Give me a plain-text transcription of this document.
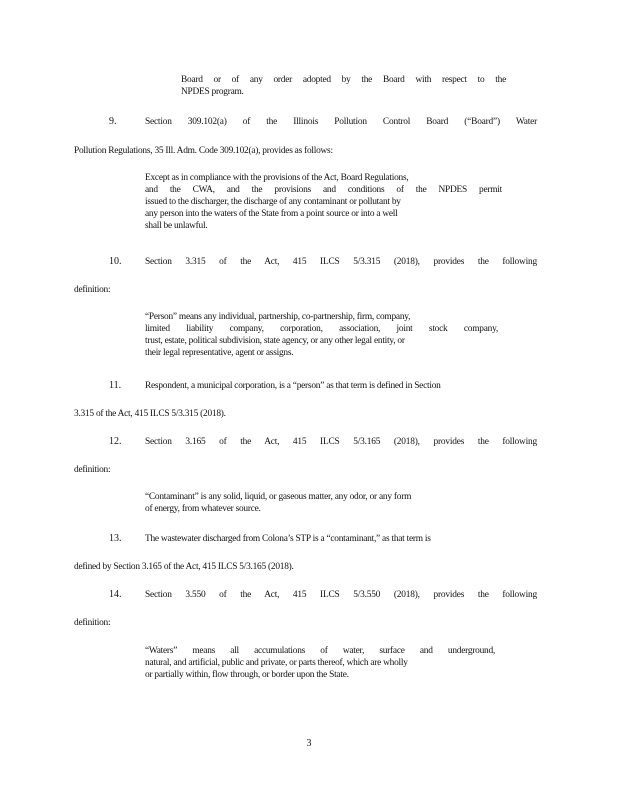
Board or of any order adopted by the Board with respect to the
NPDES program.
9.	Section 309.102(a) of the Illinois Pollution Control Board (“Board”) Water
Pollution Regulations, 35 Ill. Adm. Code 309.102(a), provides as follows:
Except as in compliance with the provisions of the Act, Board Regulations,
and the CWA, and the provisions and conditions of the NPDES permit
issued to the discharger, the discharge of any contaminant or pollutant by
any person into the waters of the State from a point source or into a well
shall be unlawful.
10.	Section 3.315 of the Act, 415 ILCS 5/3.315 (2018), provides the following
definition:
“Person” means any individual, partnership, co-partnership, firm, company,
limited liability company, corporation, association, joint stock company,
trust, estate, political subdivision, state agency, or any other legal entity, or
their legal representative, agent or assigns.
11.	Respondent, a municipal corporation, is a “person” as that term is defined in Section
3.315 of the Act, 415 ILCS 5/3.315 (2018).
12.	Section 3.165 of the Act, 415 ILCS 5/3.165 (2018), provides the following
definition:
“Contaminant” is any solid, liquid, or gaseous matter, any odor, or any form
of energy, from whatever source.
13.	The wastewater discharged from Colona’s STP is a “contaminant,” as that term is
defined by Section 3.165 of the Act, 415 ILCS 5/3.165 (2018).
14.	Section 3.550 of the Act, 415 ILCS 5/3.550 (2018), provides the following
definition:
“Waters” means all accumulations of water, surface and underground,
natural, and artificial, public and private, or parts thereof, which are wholly
or partially within, flow through, or border upon the State.
3
